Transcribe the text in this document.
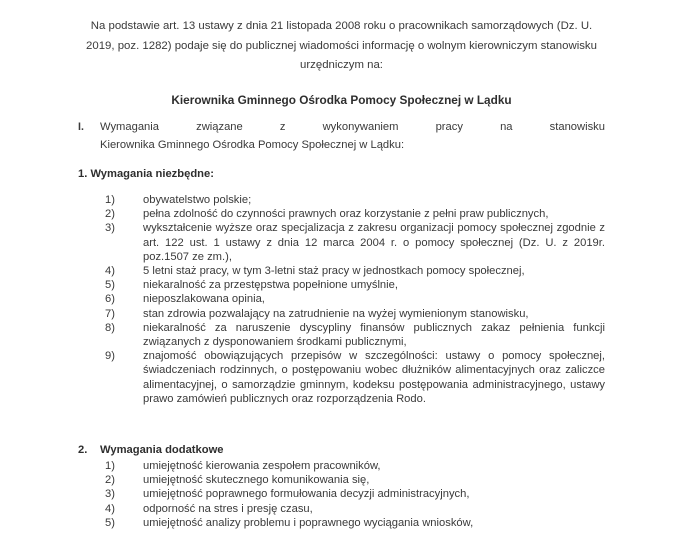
Na podstawie art. 13 ustawy z dnia 21 listopada 2008 roku o pracownikach samorządowych (Dz. U. 2019, poz. 1282) podaje się do publicznej wiadomości informację o wolnym kierowniczym stanowisku urzędniczym na:

Kierownika Gminnego Ośrodka Pomocy Społecznej w Lądku
I.	Wymagania związane z wykonywaniem pracy na stanowisku
Kierownika Gminnego Ośrodka Pomocy Społecznej w Lądku:
1. Wymagania niezbędne:
1)	obywatelstwo polskie;
2)	pełna zdolność do czynności prawnych oraz korzystanie z pełni praw publicznych,
3)	wykształcenie wyższe oraz specjalizacja z zakresu organizacji pomocy społecznej zgodnie z art. 122 ust. 1 ustawy z dnia 12 marca 2004 r. o pomocy społecznej (Dz. U. z 2019r. poz.1507 ze zm.),
4)	5 letni staż pracy, w tym 3-letni staż pracy w jednostkach pomocy społecznej,
5)	niekaralność za przestępstwa popełnione umyślnie,
6)	nieposzlakowana opinia,
7)	stan zdrowia pozwalający na zatrudnienie na wyżej wymienionym stanowisku,
8)	niekaralność za naruszenie dyscypliny finansów publicznych zakaz pełnienia funkcji związanych z dysponowaniem środkami publicznymi,
9)	znajomość obowiązujących przepisów w szczególności: ustawy o pomocy społecznej, świadczeniach rodzinnych, o postępowaniu wobec dłużników alimentacyjnych oraz zaliczce alimentacyjnej, o samorządzie gminnym, kodeksu postępowania administracyjnego, ustawy prawo zamówień publicznych oraz rozporządzenia Rodo.
2. Wymagania dodatkowe
1)	umiejętność kierowania zespołem pracowników,
2)	umiejętność skutecznego komunikowania się,
3)	umiejętność poprawnego formułowania decyzji administracyjnych,
4)	odporność na stres i presję czasu,
5)	umiejętność analizy problemu i poprawnego wyciągania wniosków,
